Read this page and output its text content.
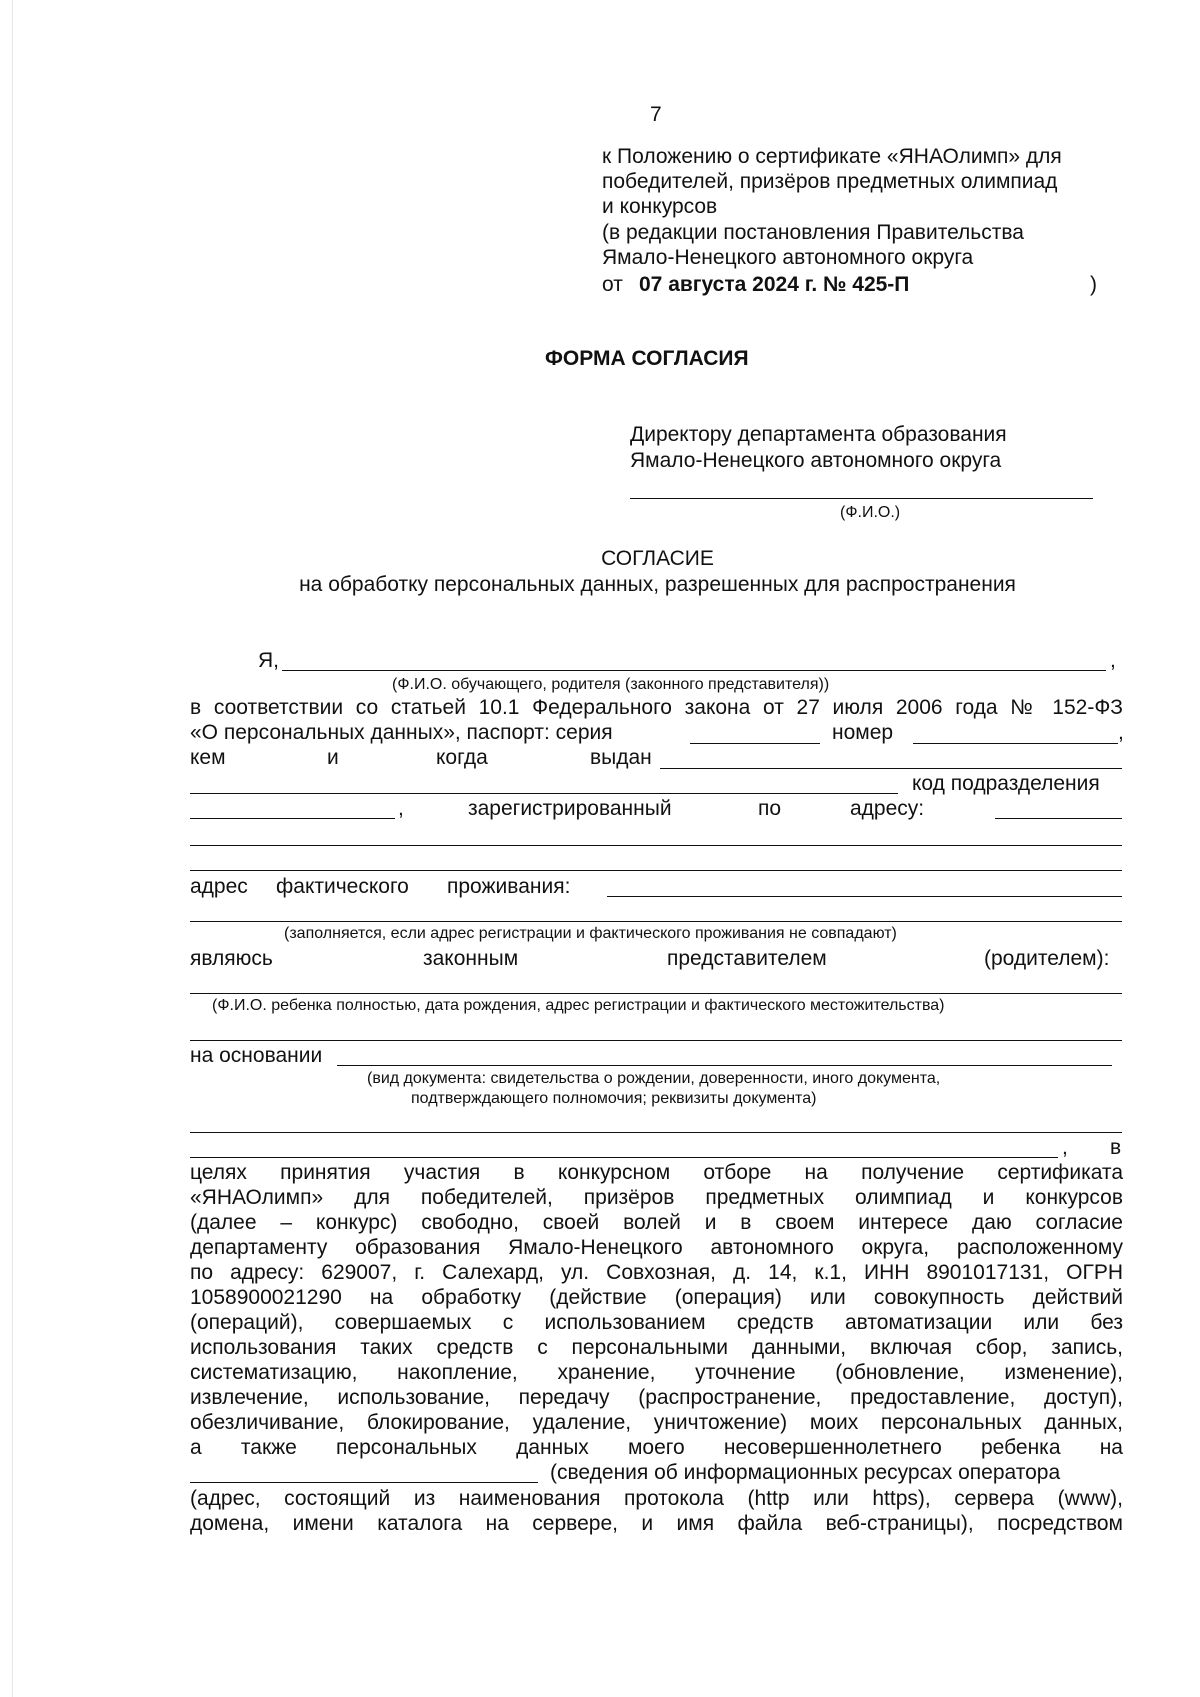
7
к Положению о сертификате «ЯНАОлимп» для
победителей, призёров предметных олимпиад
и конкурсов
(в редакции постановления Правительства
Ямало-Ненецкого автономного округа
от 07 августа 2024 г. № 425-П	)
ФОРМА СОГЛАСИЯ
Директору департамента образования
Ямало-Ненецкого автономного округа
(Ф.И.О.)
СОГЛАСИЕ
на обработку персональных данных, разрешенных для распространения
Я,	,
(Ф.И.О. обучающего, родителя (законного представителя))
в соответствии со статьей 10.1 Федерального закона от 27 июля 2006 года № 152-ФЗ
«О персональных данных», паспорт: серия	номер	,
кем	и	когда	выдан
код подразделения
,	зарегистрированный	по	адресу:
адрес фактического проживания:
(заполняется, если адрес регистрации и фактического проживания не совпадают)
являюсь	законным	представителем	(родителем):
(Ф.И.О. ребенка полностью, дата рождения, адрес регистрации и фактического местожительства)
на основании
(вид документа: свидетельства о рождении, доверенности, иного документа,
подтверждающего полномочия; реквизиты документа)
, в
целях принятия участия в конкурсном отборе на получение сертификата
«ЯНАОлимп» для победителей, призёров предметных олимпиад и конкурсов
(далее – конкурс) свободно, своей волей и в своем интересе даю согласие
департаменту образования Ямало-Ненецкого автономного округа, расположенному
по адресу: 629007, г. Салехард, ул. Совхозная, д. 14, к.1, ИНН 8901017131, ОГРН
1058900021290 на обработку (действие (операция) или совокупность действий
(операций), совершаемых с использованием средств автоматизации или без
использования таких средств с персональными данными, включая сбор, запись,
систематизацию, накопление, хранение, уточнение (обновление, изменение),
извлечение, использование, передачу (распространение, предоставление, доступ),
обезличивание, блокирование, удаление, уничтожение) моих персональных данных,
а также персональных данных моего несовершеннолетнего ребенка на
(сведения об информационных ресурсах оператора
(адрес, состоящий из наименования протокола (http или https), сервера (www),
домена, имени каталога на сервере, и имя файла веб-страницы), посредством
